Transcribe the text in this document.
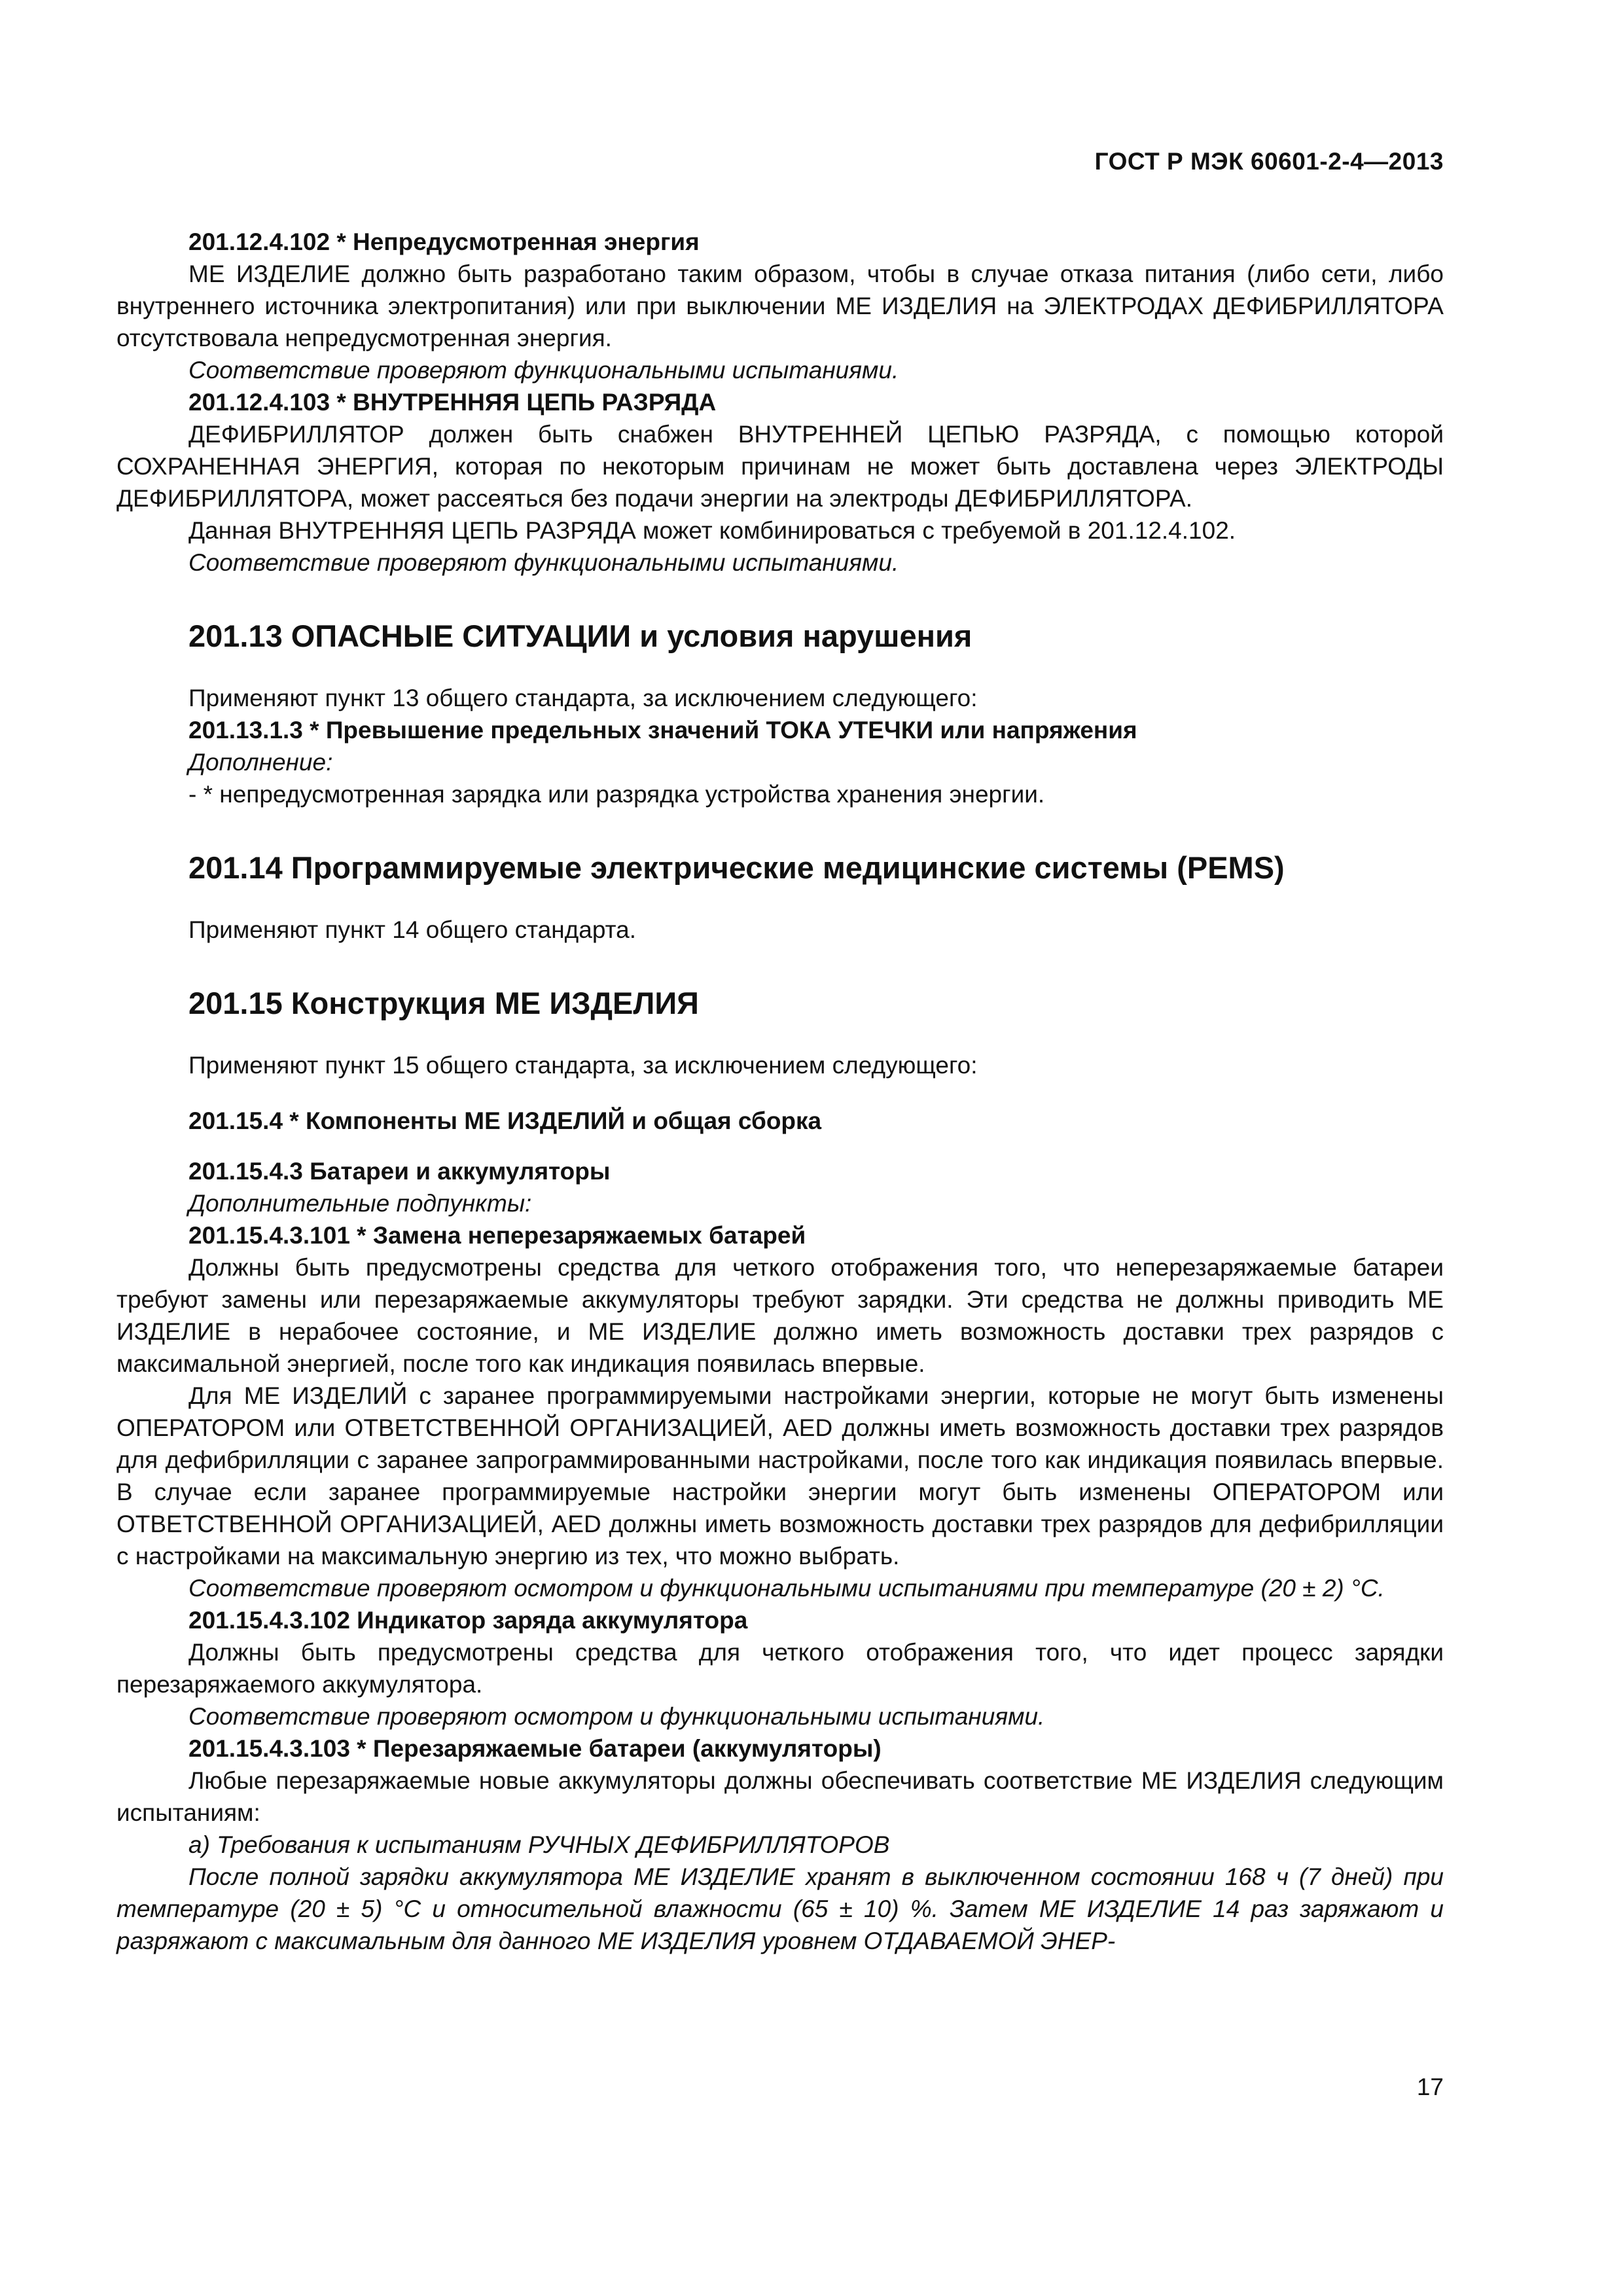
ГОСТ Р МЭК 60601-2-4—2013

201.12.4.102 * Непредусмотренная энергия

МЕ ИЗДЕЛИЕ должно быть разработано таким образом, чтобы в случае отказа питания (либо сети, либо внутреннего источника электропитания) или при выключении МЕ ИЗДЕЛИЯ на ЭЛЕКТРОДАХ ДЕФИБРИЛЛЯТОРА отсутствовала непредусмотренная энергия.

Соответствие проверяют функциональными испытаниями.

201.12.4.103 * ВНУТРЕННЯЯ ЦЕПЬ РАЗРЯДА

ДЕФИБРИЛЛЯТОР должен быть снабжен ВНУТРЕННЕЙ ЦЕПЬЮ РАЗРЯДА, с помощью которой СОХРАНЕННАЯ ЭНЕРГИЯ, которая по некоторым причинам не может быть доставлена через ЭЛЕКТРОДЫ ДЕФИБРИЛЛЯТОРА, может рассеяться без подачи энергии на электроды ДЕФИБРИЛЛЯТОРА.

Данная ВНУТРЕННЯЯ ЦЕПЬ РАЗРЯДА может комбинироваться с требуемой в 201.12.4.102.

Соответствие проверяют функциональными испытаниями.

201.13 ОПАСНЫЕ СИТУАЦИИ и условия нарушения

Применяют пункт 13 общего стандарта, за исключением следующего:

201.13.1.3 * Превышение предельных значений ТОКА УТЕЧКИ или напряжения

Дополнение:

- * непредусмотренная зарядка или разрядка устройства хранения энергии.

201.14 Программируемые электрические медицинские системы (PEMS)

Применяют пункт 14 общего стандарта.

201.15 Конструкция МЕ ИЗДЕЛИЯ

Применяют пункт 15 общего стандарта, за исключением следующего:

201.15.4 * Компоненты МЕ ИЗДЕЛИЙ и общая сборка

201.15.4.3 Батареи и аккумуляторы

Дополнительные подпункты:

201.15.4.3.101 * Замена неперезаряжаемых батарей

Должны быть предусмотрены средства для четкого отображения того, что неперезаряжаемые батареи требуют замены или перезаряжаемые аккумуляторы требуют зарядки. Эти средства не должны приводить МЕ ИЗДЕЛИЕ в нерабочее состояние, и МЕ ИЗДЕЛИЕ должно иметь возможность доставки трех разрядов с максимальной энергией, после того как индикация появилась впервые.

Для МЕ ИЗДЕЛИЙ с заранее программируемыми настройками энергии, которые не могут быть изменены ОПЕРАТОРОМ или ОТВЕТСТВЕННОЙ ОРГАНИЗАЦИЕЙ, AED должны иметь возможность доставки трех разрядов для дефибрилляции с заранее запрограммированными настройками, после того как индикация появилась впервые. В случае если заранее программируемые настройки энергии могут быть изменены ОПЕРАТОРОМ или ОТВЕТСТВЕННОЙ ОРГАНИЗАЦИЕЙ, AED должны иметь возможность доставки трех разрядов для дефибрилляции с настройками на максимальную энергию из тех, что можно выбрать.

Соответствие проверяют осмотром и функциональными испытаниями при температуре (20 ± 2) °С.

201.15.4.3.102 Индикатор заряда аккумулятора

Должны быть предусмотрены средства для четкого отображения того, что идет процесс зарядки перезаряжаемого аккумулятора.

Соответствие проверяют осмотром и функциональными испытаниями.

201.15.4.3.103 * Перезаряжаемые батареи (аккумуляторы)

Любые перезаряжаемые новые аккумуляторы должны обеспечивать соответствие МЕ ИЗДЕЛИЯ следующим испытаниям:

a) Требования к испытаниям РУЧНЫХ ДЕФИБРИЛЛЯТОРОВ

После полной зарядки аккумулятора МЕ ИЗДЕЛИЕ хранят в выключенном состоянии 168 ч (7 дней) при температуре (20 ± 5) °С и относительной влажности (65 ± 10) %. Затем МЕ ИЗДЕЛИЕ 14 раз заряжают и разряжают с максимальным для данного МЕ ИЗДЕЛИЯ уровнем ОТДАВАЕМОЙ ЭНЕР-

17
